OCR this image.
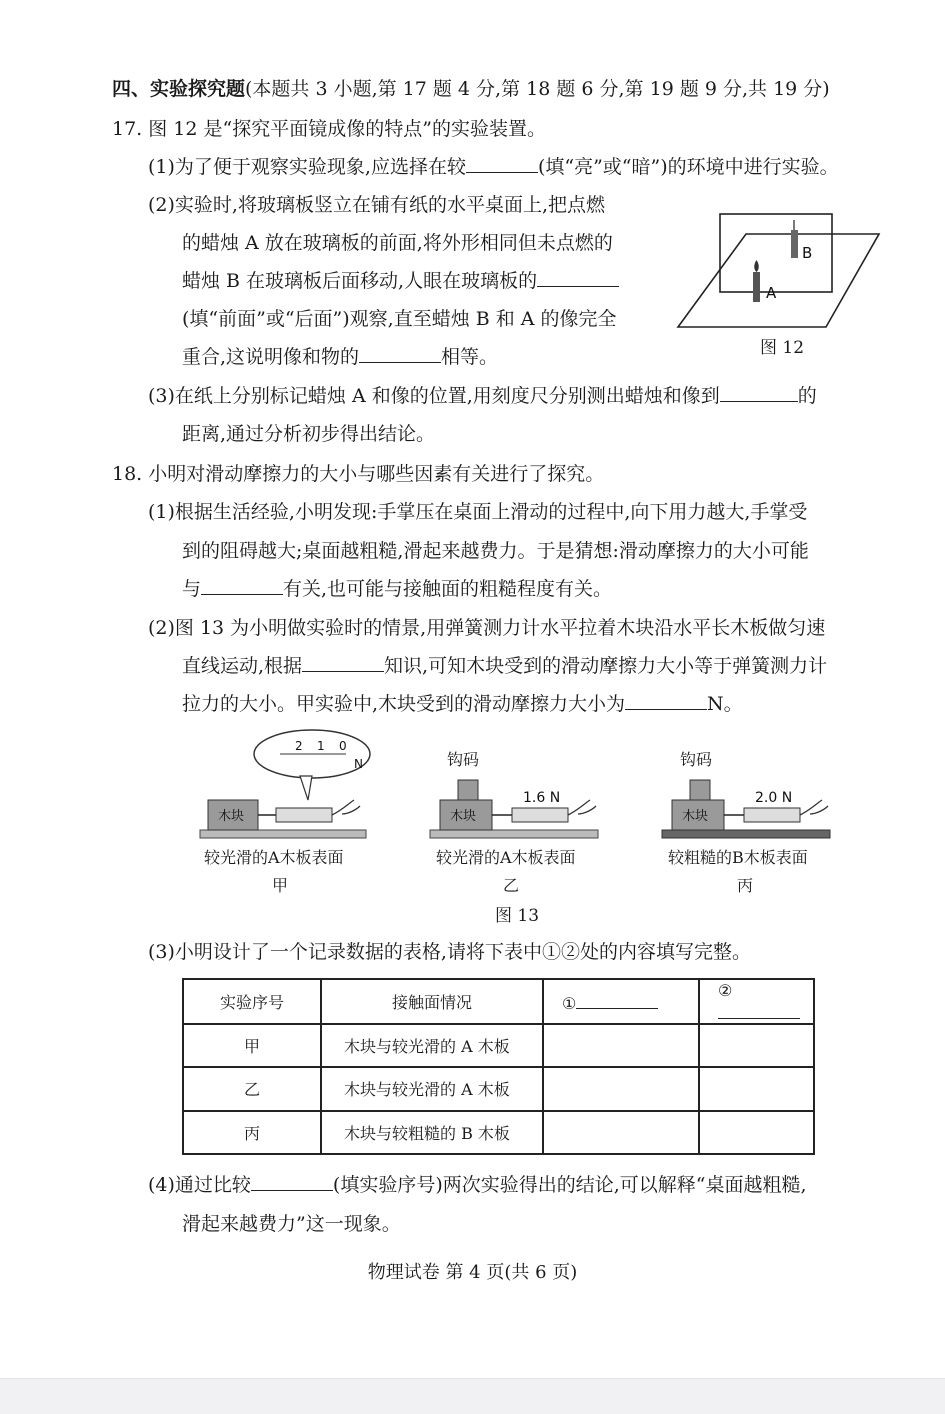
四、实验探究题(本题共 3 小题,第 17 题 4 分,第 18 题 6 分,第 19 题 9 分,共 19 分)
17. 图 12 是“探究平面镜成像的特点”的实验装置。
(1)为了便于观察实验现象,应选择在较	(填“亮”或“暗”)的环境中进行实验。
(2)实验时,将玻璃板竖立在铺有纸的水平桌面上,把点燃
的蜡烛 A 放在玻璃板的前面,将外形相同但未点燃的
蜡烛 B 在玻璃板后面移动,人眼在玻璃板的
(填“前面”或“后面”)观察,直至蜡烛 B 和 A 的像完全
重合,这说明像和物的	相等。
(3)在纸上分别标记蜡烛 A 和像的位置,用刻度尺分别测出蜡烛和像到	的
距离,通过分析初步得出结论。
B
A
图 12
18. 小明对滑动摩擦力的大小与哪些因素有关进行了探究。
(1)根据生活经验,小明发现:手掌压在桌面上滑动的过程中,向下用力越大,手掌受
到的阻碍越大;桌面越粗糙,滑起来越费力。于是猜想:滑动摩擦力的大小可能
与	有关,也可能与接触面的粗糙程度有关。
(2)图 13 为小明做实验时的情景,用弹簧测力计水平拉着木块沿水平长木板做匀速
直线运动,根据	知识,可知木块受到的滑动摩擦力大小等于弹簧测力计
拉力的大小。甲实验中,木块受到的滑动摩擦力大小为	N。
木块
0
1
2
N
较光滑的A木板表面
甲
钩码
木块
1.6 N
较光滑的A木板表面
乙
钩码
木块
2.0 N
较粗糙的B木板表面
丙
图 13
(3)小明设计了一个记录数据的表格,请将下表中①②处的内容填写完整。
实验序号	接触面情况	①	②
甲	木块与较光滑的 A 木板		
乙	木块与较光滑的 A 木板		
丙	木块与较粗糙的 B 木板		
(4)通过比较	(填实验序号)两次实验得出的结论,可以解释“桌面越粗糙,
滑起来越费力”这一现象。
物理试卷 第 4 页(共 6 页)
